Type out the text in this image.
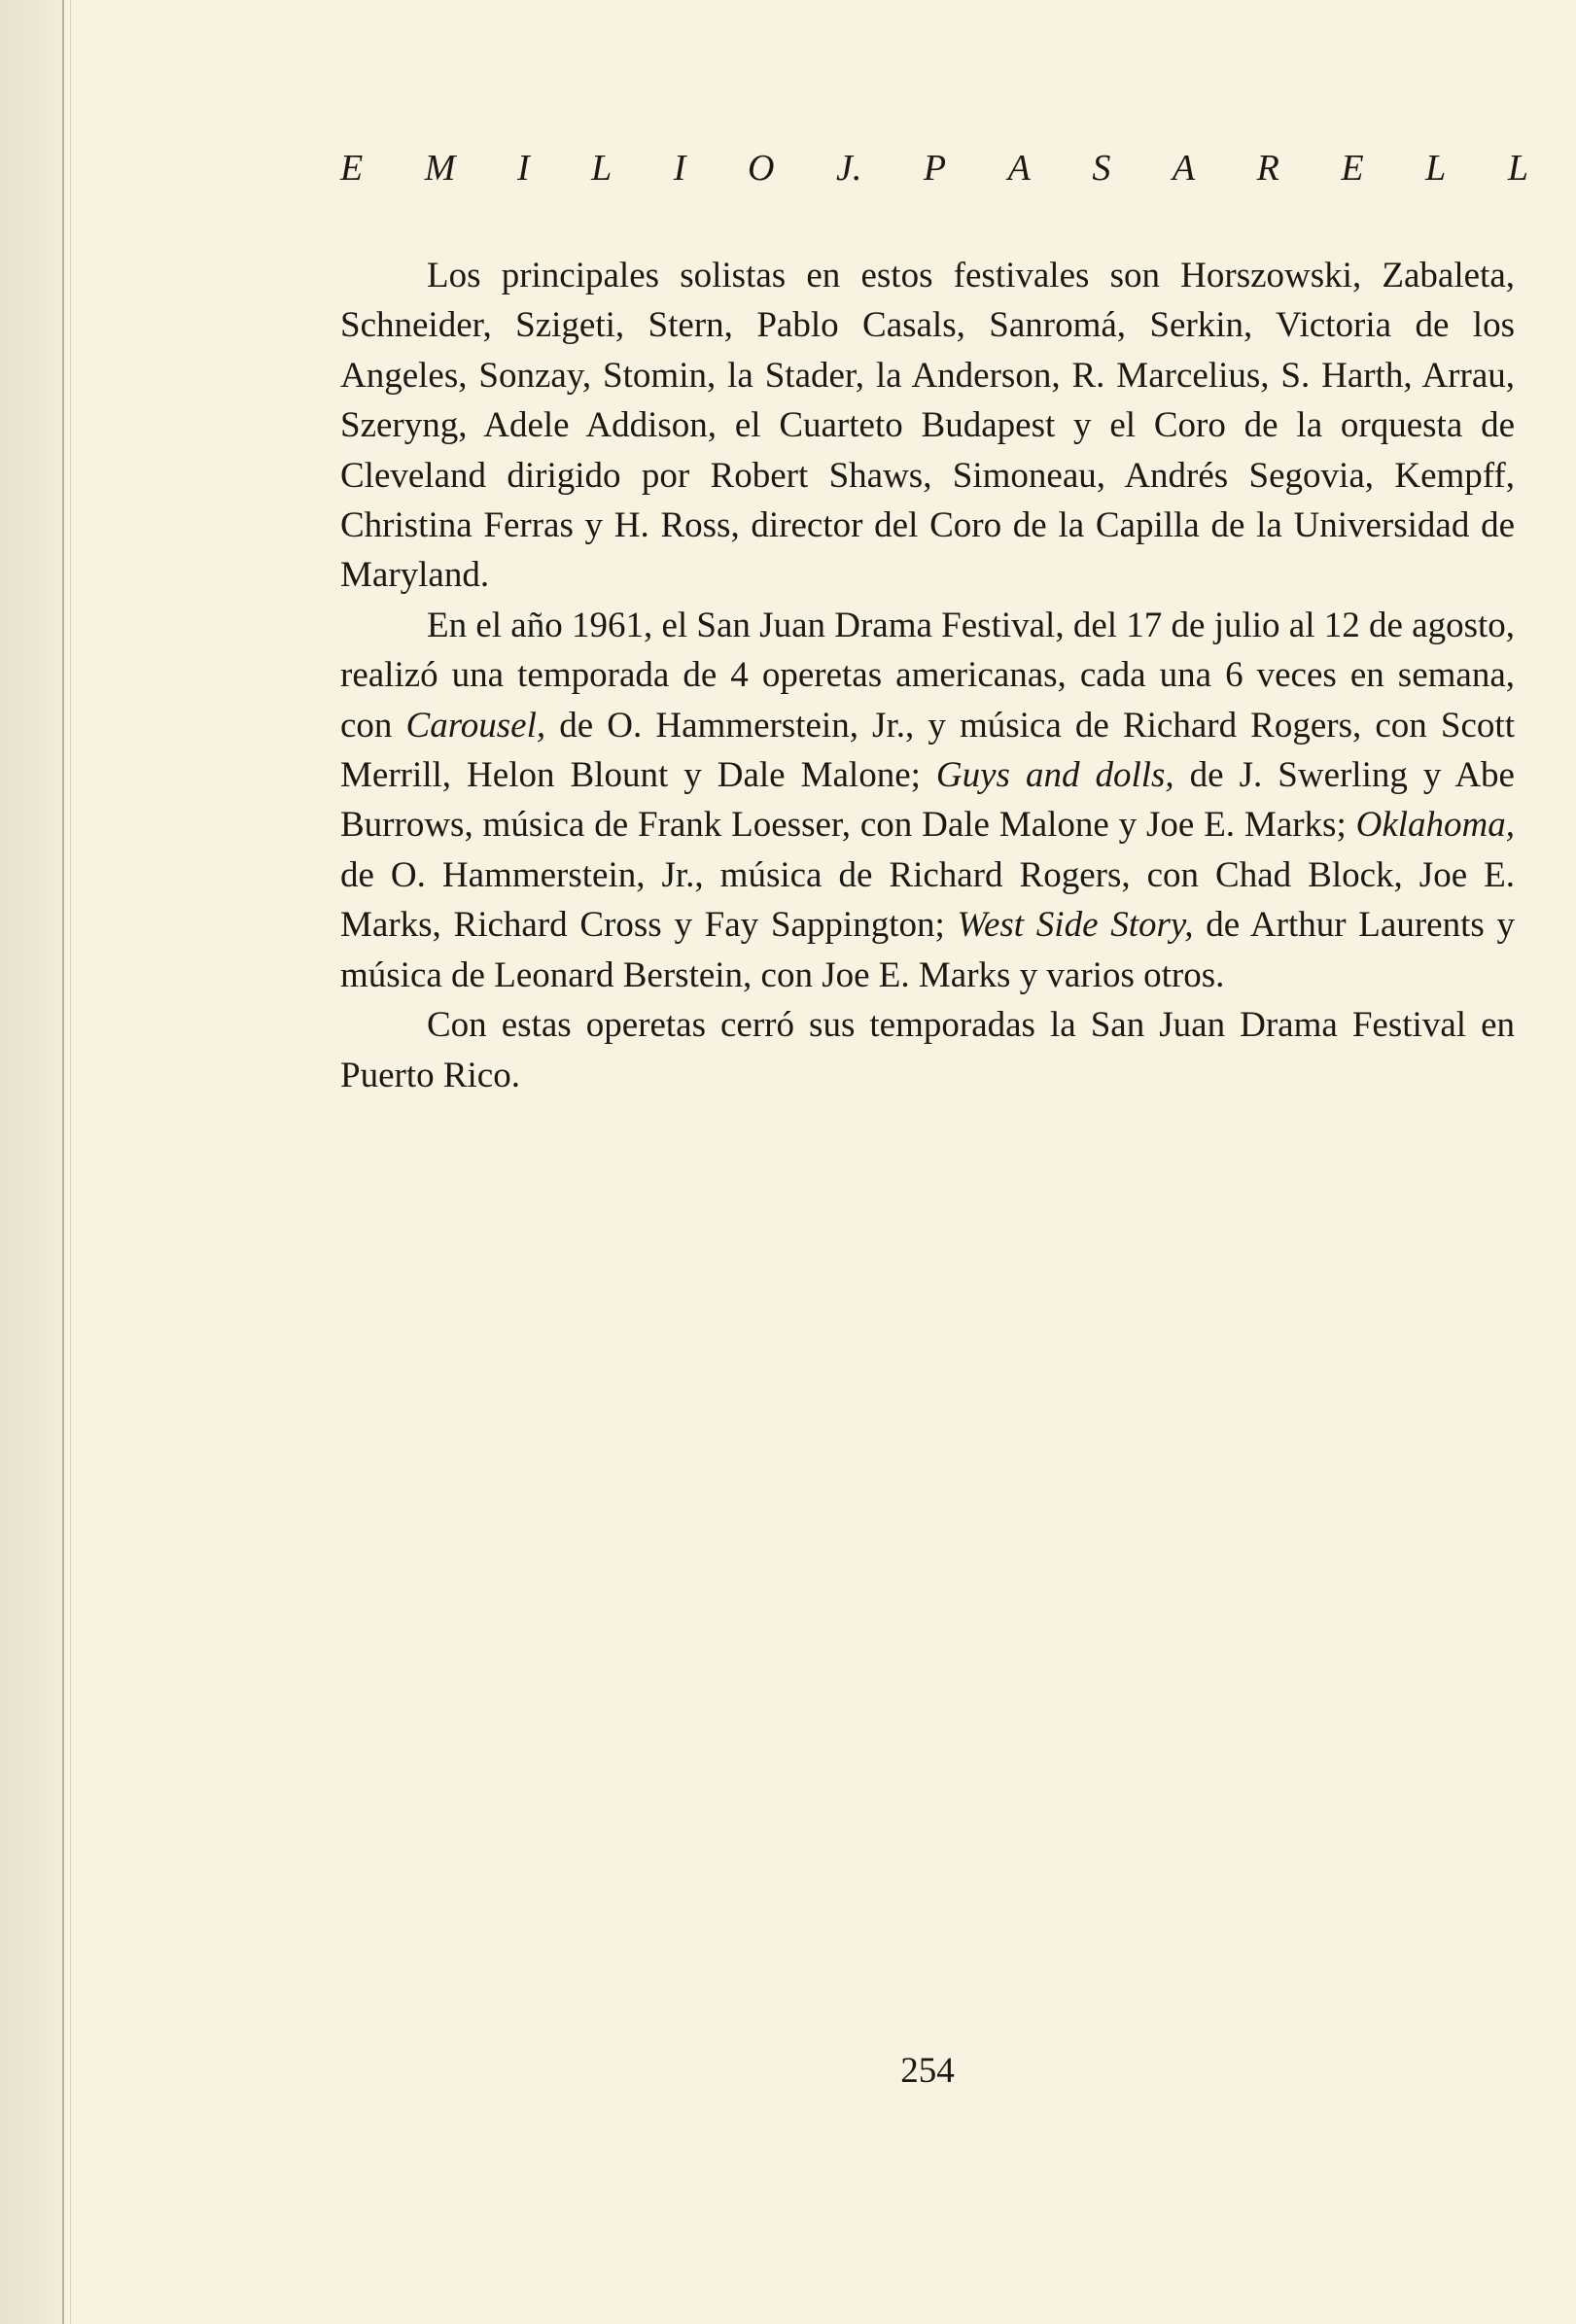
E M I L I O J. P A S A R E L L

Los principales solistas en estos festivales son Horszowski, Zabaleta, Schneider, Szigeti, Stern, Pablo Casals, Sanromá, Serkin, Victoria de los Angeles, Sonzay, Stomin, la Stader, la Anderson, R. Marcelius, S. Harth, Arrau, Szeryng, Adele Addison, el Cuarteto Budapest y el Coro de la orquesta de Cleveland dirigido por Robert Shaws, Simoneau, Andrés Segovia, Kempff, Christina Ferras y H. Ross, director del Coro de la Capilla de la Universidad de Maryland.

En el año 1961, el San Juan Drama Festival, del 17 de julio al 12 de agosto, realizó una temporada de 4 operetas americanas, cada una 6 veces en semana, con Carousel, de O. Hammerstein, Jr., y música de Richard Rogers, con Scott Merrill, Helon Blount y Dale Malone; Guys and dolls, de J. Swerling y Abe Burrows, música de Frank Loesser, con Dale Malone y Joe E. Marks; Oklahoma, de O. Hammerstein, Jr., música de Richard Rogers, con Chad Block, Joe E. Marks, Richard Cross y Fay Sappington; West Side Story, de Arthur Laurents y música de Leonard Berstein, con Joe E. Marks y varios otros.

Con estas operetas cerró sus temporadas la San Juan Drama Festival en Puerto Rico.

254
